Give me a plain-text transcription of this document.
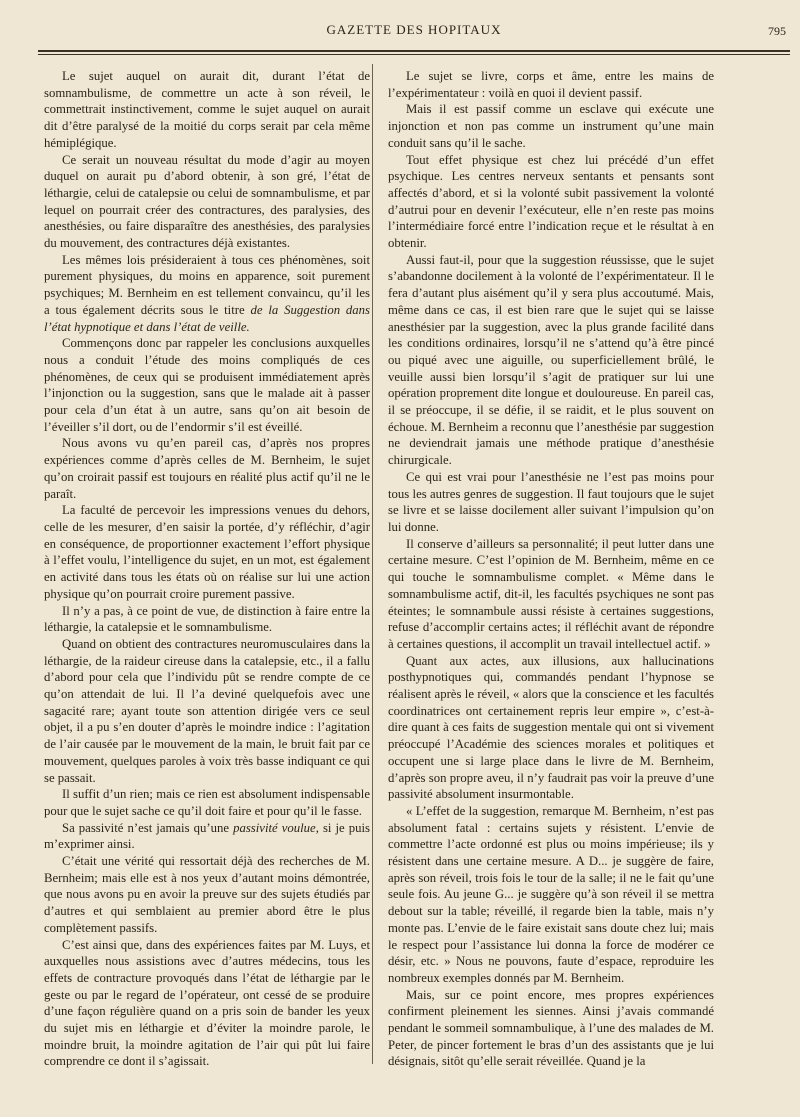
GAZETTE DES HOPITAUX	795

Le sujet auquel on aurait dit, durant l’état de somnambulisme, de commettre un acte à son réveil, le commettrait instinctivement, comme le sujet auquel on aurait dit d’être paralysé de la moitié du corps serait par cela même hémiplégique.

Ce serait un nouveau résultat du mode d’agir au moyen duquel on aurait pu d’abord obtenir, à son gré, l’état de léthargie, celui de catalepsie ou celui de somnambulisme, et par lequel on pourrait créer des contractures, des paralysies, des anesthésies, ou faire disparaître des anesthésies, des paralysies du mouvement, des contractures déjà existantes.

Les mêmes lois présideraient à tous ces phénomènes, soit purement physiques, du moins en apparence, soit purement psychiques; M. Bernheim en est tellement convaincu, qu’il les a tous également décrits sous le titre de la Suggestion dans l’état hypnotique et dans l’état de veille.

Commençons donc par rappeler les conclusions auxquelles nous a conduit l’étude des moins compliqués de ces phénomènes, de ceux qui se produisent immédiatement après l’injonction ou la suggestion, sans que le malade ait à passer pour cela d’un état à un autre, sans qu’on ait besoin de l’éveiller s’il dort, ou de l’endormir s’il est éveillé.

Nous avons vu qu’en pareil cas, d’après nos propres expériences comme d’après celles de M. Bernheim, le sujet qu’on croirait passif est toujours en réalité plus actif qu’il ne le paraît.

La faculté de percevoir les impressions venues du dehors, celle de les mesurer, d’en saisir la portée, d’y réfléchir, d’agir en conséquence, de proportionner exactement l’effort physique à l’effet voulu, l’intelligence du sujet, en un mot, est également en activité dans tous les états où on réalise sur lui une action physique qu’on pourrait croire purement passive.

Il n’y a pas, à ce point de vue, de distinction à faire entre la léthargie, la catalepsie et le somnambulisme.

Quand on obtient des contractures neuromusculaires dans la léthargie, de la raideur cireuse dans la catalepsie, etc., il a fallu d’abord pour cela que l’individu pût se rendre compte de ce qu’on attendait de lui. Il l’a deviné quelquefois avec une sagacité rare; ayant toute son attention dirigée vers ce seul objet, il a pu s’en douter d’après le moindre indice : l’agitation de l’air causée par le mouvement de la main, le bruit fait par ce mouvement, quelques paroles à voix très basse indiquant ce qui se passait.

Il suffit d’un rien; mais ce rien est absolument indispensable pour que le sujet sache ce qu’il doit faire et pour qu’il le fasse.

Sa passivité n’est jamais qu’une passivité voulue, si je puis m’exprimer ainsi.

C’était une vérité qui ressortait déjà des recherches de M. Bernheim; mais elle est à nos yeux d’autant moins démontrée, que nous avons pu en avoir la preuve sur des sujets étudiés par d’autres et qui semblaient au premier abord être le plus complètement passifs.

C’est ainsi que, dans des expériences faites par M. Luys, et auxquelles nous assistions avec d’autres médecins, tous les effets de contracture provoqués dans l’état de léthargie par le geste ou par le regard de l’opérateur, ont cessé de se produire d’une façon régulière quand on a pris soin de bander les yeux du sujet mis en léthargie et d’éviter la moindre parole, le moindre bruit, la moindre agitation de l’air qui pût lui faire comprendre ce dont il s’agissait.

Le sujet se livre, corps et âme, entre les mains de l’expérimentateur : voilà en quoi il devient passif.

Mais il est passif comme un esclave qui exécute une injonction et non pas comme un instrument qu’une main conduit sans qu’il le sache.

Tout effet physique est chez lui précédé d’un effet psychique. Les centres nerveux sentants et pensants sont affectés d’abord, et si la volonté subit passivement la volonté d’autrui pour en devenir l’exécuteur, elle n’en reste pas moins l’intermédiaire forcé entre l’indication reçue et le résultat à en obtenir.

Aussi faut-il, pour que la suggestion réussisse, que le sujet s’abandonne docilement à la volonté de l’expérimentateur. Il le fera d’autant plus aisément qu’il y sera plus accoutumé. Mais, même dans ce cas, il est bien rare que le sujet qui se laisse anesthésier par la suggestion, avec la plus grande facilité dans les conditions ordinaires, lorsqu’il ne s’attend qu’à être pincé ou piqué avec une aiguille, ou superficiellement brûlé, le veuille aussi bien lorsqu’il s’agit de pratiquer sur lui une opération proprement dite longue et douloureuse. En pareil cas, il se préoccupe, il se défie, il se raidit, et le plus souvent on échoue. M. Bernheim a reconnu que l’anesthésie par suggestion ne deviendrait jamais une méthode pratique d’anesthésie chirurgicale.

Ce qui est vrai pour l’anesthésie ne l’est pas moins pour tous les autres genres de suggestion. Il faut toujours que le sujet se livre et se laisse docilement aller suivant l’impulsion qu’on lui donne.

Il conserve d’ailleurs sa personnalité; il peut lutter dans une certaine mesure. C’est l’opinion de M. Bernheim, même en ce qui touche le somnambulisme complet. « Même dans le somnambulisme actif, dit-il, les facultés psychiques ne sont pas éteintes; le somnambule aussi résiste à certaines suggestions, refuse d’accomplir certains actes; il réfléchit avant de répondre à certaines questions, il accomplit un travail intellectuel actif. »

Quant aux actes, aux illusions, aux hallucinations posthypnotiques qui, commandés pendant l’hypnose se réalisent après le réveil, « alors que la conscience et les facultés coordinatrices ont certainement repris leur empire », c’est-à-dire quant à ces faits de suggestion mentale qui ont si vivement préoccupé l’Académie des sciences morales et politiques et occupent une si large place dans le livre de M. Bernheim, d’après son propre aveu, il n’y faudrait pas voir la preuve d’une passivité absolument insurmontable.

« L’effet de la suggestion, remarque M. Bernheim, n’est pas absolument fatal : certains sujets y résistent. L’envie de commettre l’acte ordonné est plus ou moins impérieuse; ils y résistent dans une certaine mesure. A D... je suggère de faire, après son réveil, trois fois le tour de la salle; il ne le fait qu’une seule fois. Au jeune G... je suggère qu’à son réveil il se mettra debout sur la table; réveillé, il regarde bien la table, mais n’y monte pas. L’envie de le faire existait sans doute chez lui; mais le respect pour l’assistance lui donna la force de modérer ce désir, etc. » Nous ne pouvons, faute d’espace, reproduire les nombreux exemples donnés par M. Bernheim.

Mais, sur ce point encore, mes propres expériences confirment pleinement les siennes. Ainsi j’avais commandé pendant le sommeil somnambulique, à l’une des malades de M. Peter, de pincer fortement le bras d’un des assistants que je lui désignais, sitôt qu’elle serait réveillée. Quand je la
